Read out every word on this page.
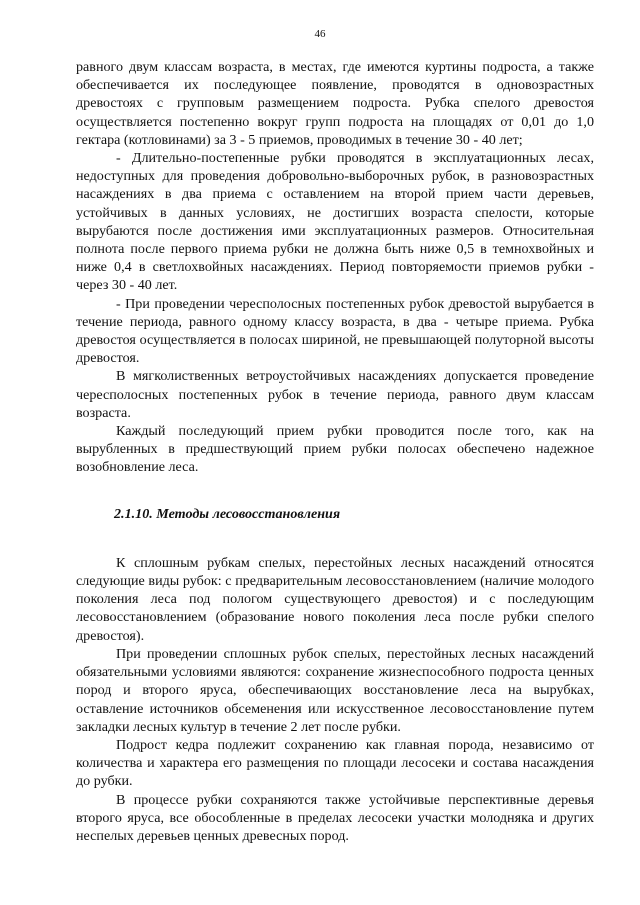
46

равного двум классам возраста, в местах, где имеются куртины подроста, а также обеспечивается их последующее появление, проводятся в одновозрастных древостоях с групповым размещением подроста. Рубка спелого древостоя осуществляется постепенно вокруг групп подроста на площадях от 0,01 до 1,0 гектара (котловинами) за 3 - 5 приемов, проводимых в течение 30 - 40 лет;

- Длительно-постепенные рубки проводятся в эксплуатационных лесах, недоступных для проведения добровольно-выборочных рубок, в разновозрастных насаждениях в два приема с оставлением на второй прием части деревьев, устойчивых в данных условиях, не достигших возраста спелости, которые вырубаются после достижения ими эксплуатационных размеров. Относительная полнота после первого приема рубки не должна быть ниже 0,5 в темнохвойных и ниже 0,4 в светлохвойных насаждениях. Период повторяемости приемов рубки - через 30 - 40 лет.

- При проведении чересполосных постепенных рубок древостой вырубается в течение периода, равного одному классу возраста, в два - четыре приема. Рубка древостоя осуществляется в полосах шириной, не превышающей полуторной высоты древостоя.

В мягколиственных ветроустойчивых насаждениях допускается проведение чересполосных постепенных рубок в течение периода, равного двум классам возраста.

Каждый последующий прием рубки проводится после того, как на вырубленных в предшествующий прием рубки полосах обеспечено надежное возобновление леса.

2.1.10. Методы лесовосстановления

К сплошным рубкам спелых, перестойных лесных насаждений относятся следующие виды рубок: с предварительным лесовосстановлением (наличие молодого поколения леса под пологом существующего древостоя) и с последующим лесовосстановлением (образование нового поколения леса после рубки спелого древостоя).

При проведении сплошных рубок спелых, перестойных лесных насаждений обязательными условиями являются: сохранение жизнеспособного подроста ценных пород и второго яруса, обеспечивающих восстановление леса на вырубках, оставление источников обсеменения или искусственное лесовосстановление путем закладки лесных культур в течение 2 лет после рубки.

Подрост кедра подлежит сохранению как главная порода, независимо от количества и характера его размещения по площади лесосеки и состава насаждения до рубки.

В процессе рубки сохраняются также устойчивые перспективные деревья второго яруса, все обособленные в пределах лесосеки участки молодняка и других неспелых деревьев ценных древесных пород.
